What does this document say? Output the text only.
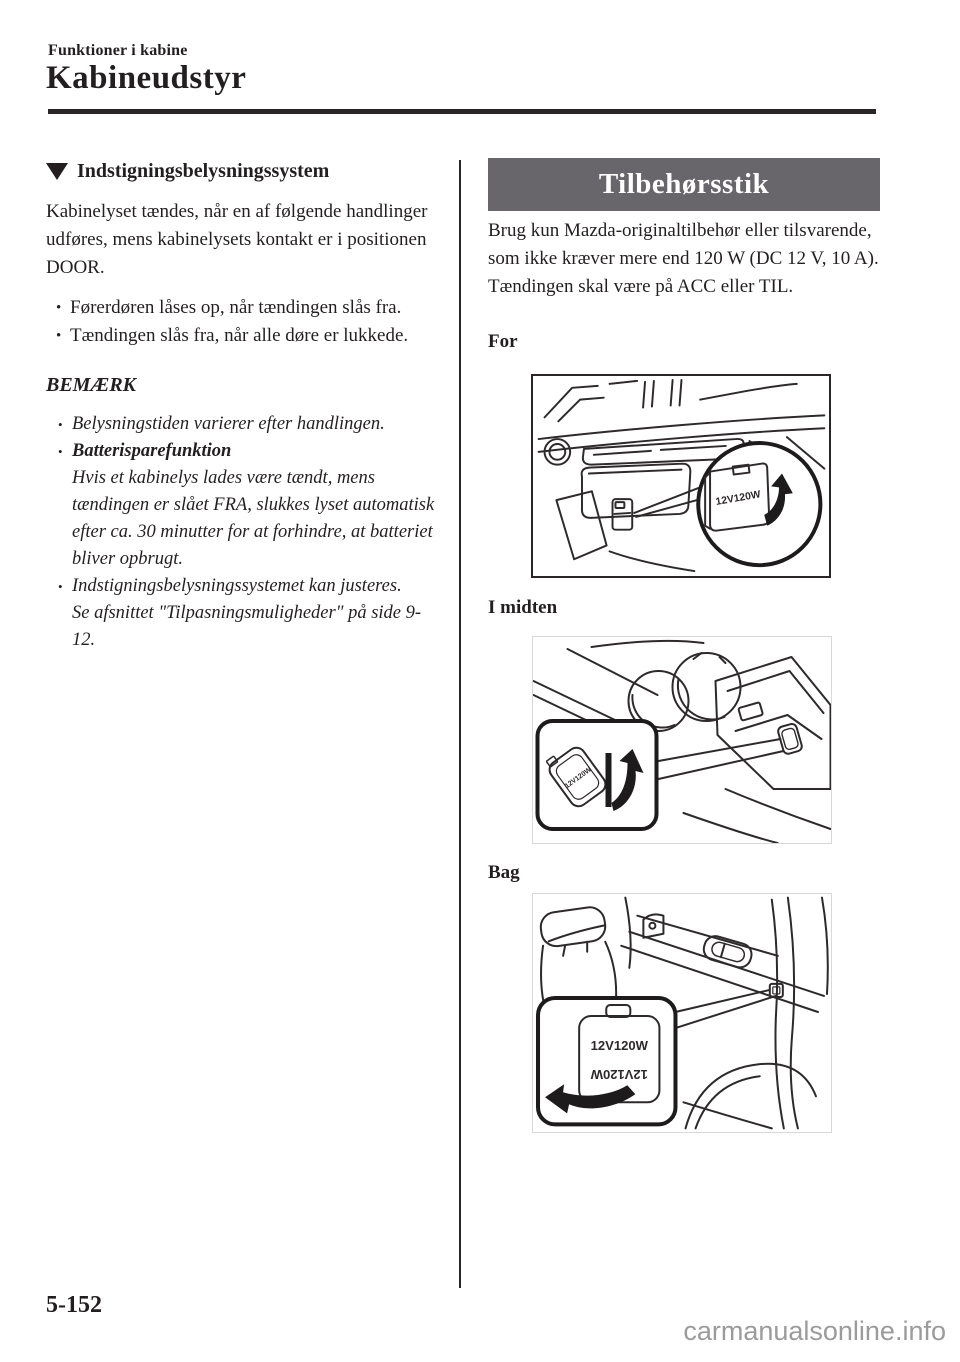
Funktioner i kabine
Kabineudstyr
Indstigningsbelysningssystem

Kabinelyset tændes, når en af følgende handlinger udføres, mens kabinelysets kontakt er i positionen DOOR.

• Førerdøren låses op, når tændingen slås fra.
• Tændingen slås fra, når alle døre er lukkede.
BEMÆRK
• Belysningstiden varierer efter handlingen.
• Batterisparefunktion
Hvis et kabinelys lades være tændt, mens tændingen er slået FRA, slukkes lyset automatisk efter ca. 30 minutter for at forhindre, at batteriet bliver opbrugt.
• Indstigningsbelysningssystemet kan justeres.
Se afsnittet "Tilpasningsmuligheder" på side 9-12.
Tilbehørsstik

Brug kun Mazda-originaltilbehør eller tilsvarende, som ikke kræver mere end 120 W (DC 12 V, 10 A).

Tændingen skal være på ACC eller TIL.

For
12V120W
I midten
12V120W
Bag
12V120W
12V120W
5-152
carmanualsonline.info
